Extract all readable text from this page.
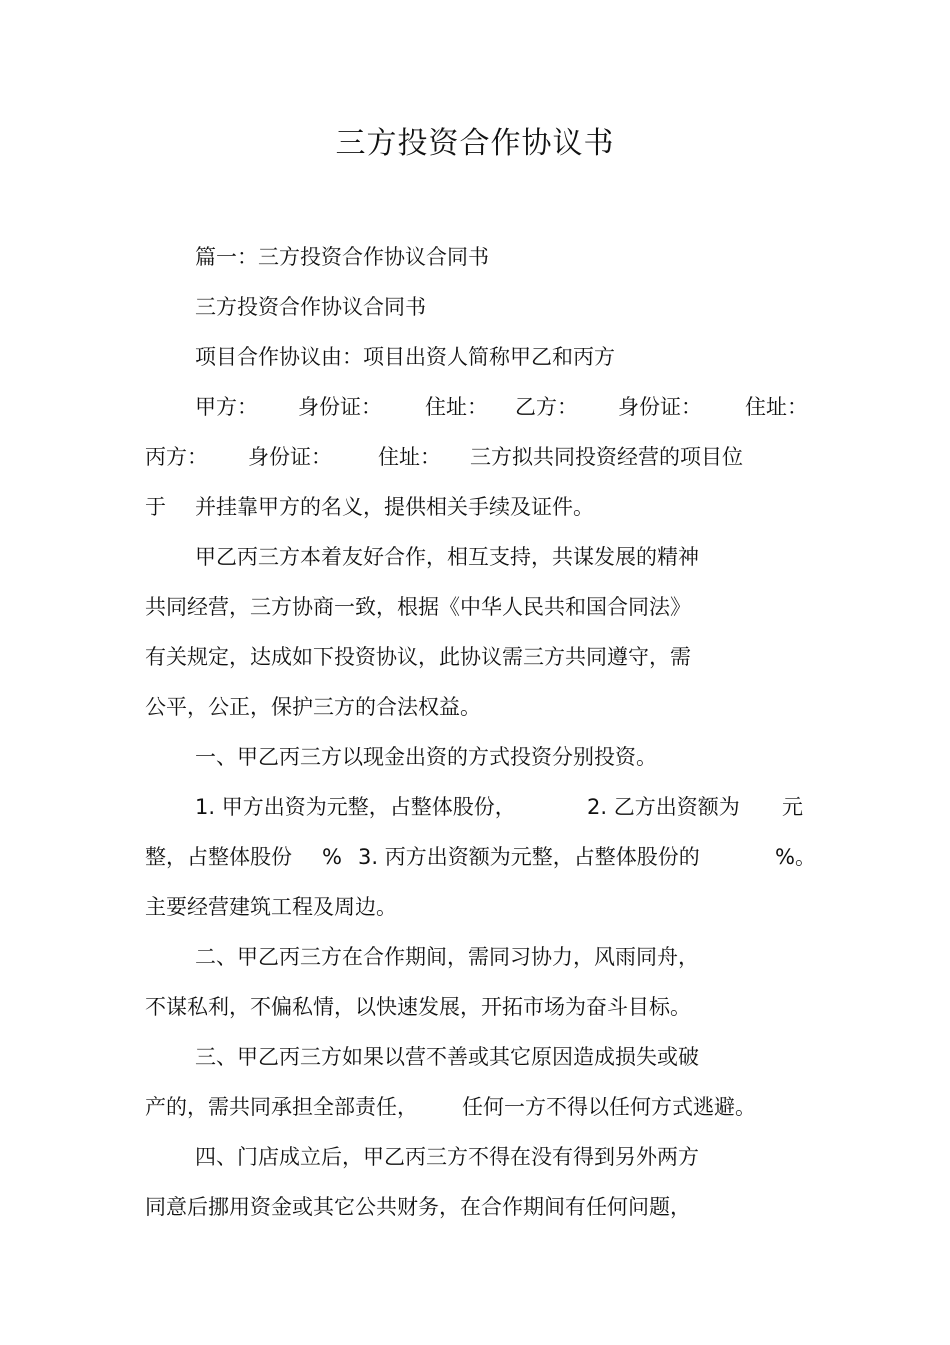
三方投资合作协议书
篇一：三方投资合作协议合同书
三方投资合作协议合同书
项目合作协议由：项目出资人简称甲乙和丙方
甲方： 身份证： 住址： 乙方： 身份证： 住址：
丙方： 身份证： 住址： 三方拟共同投资经营的项目位
于 并挂靠甲方的名义，提供相关手续及证件。
甲乙丙三方本着友好合作，相互支持，共谋发展的精神
共同经营，三方协商一致，根据《中华人民共和国合同法》
有关规定，达成如下投资协议，此协议需三方共同遵守，需
公平，公正，保护三方的合法权益。
一、甲乙丙三方以现金出资的方式投资分别投资。
1. 甲方出资为元整，占整体股份，	2. 乙方出资额为 元
整，占整体股份 % 3. 丙方出资额为元整，占整体股份的	%。
主要经营建筑工程及周边。
二、甲乙丙三方在合作期间，需同习协力，风雨同舟，
不谋私利，不偏私情，以快速发展，开拓市场为奋斗目标。
三、甲乙丙三方如果以营不善或其它原因造成损失或破
产的，需共同承担全部责任， 任何一方不得以任何方式逃避。
四、门店成立后，甲乙丙三方不得在没有得到另外两方
同意后挪用资金或其它公共财务，在合作期间有任何问题，
